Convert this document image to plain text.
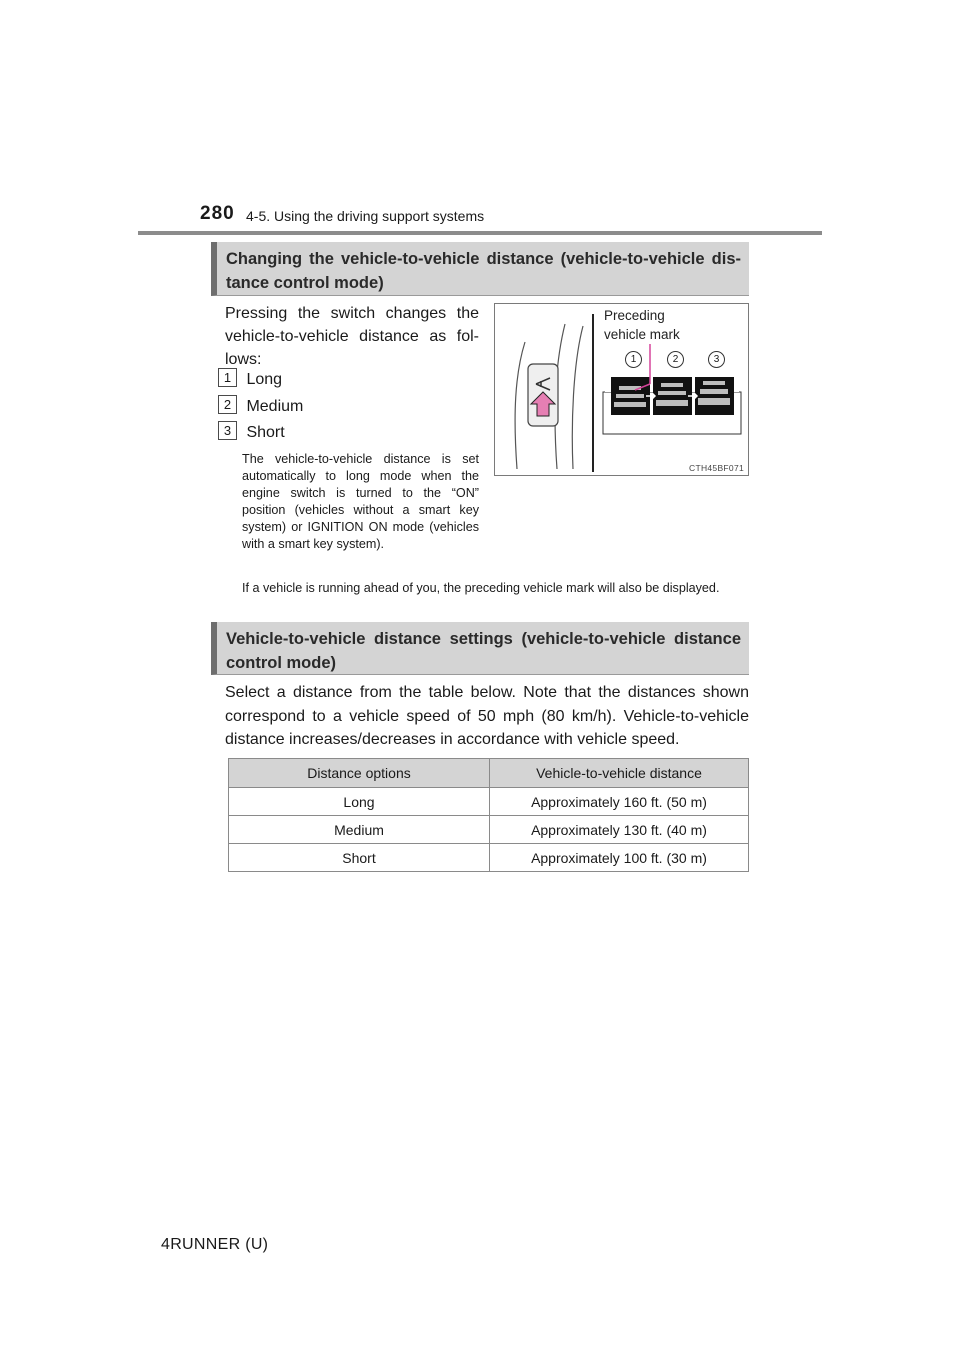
280 4-5. Using the driving support systems
Changing the vehicle-to-vehicle distance (vehicle-to-vehicle dis-tance control mode)
Pressing the switch changes the vehicle-to-vehicle distance as fol-lows:
1 Long
2 Medium
3 Short
The vehicle-to-vehicle distance is set automatically to long mode when the engine switch is turned to the “ON” position (vehicles without a smart key system) or IGNITION ON mode (vehicles with a smart key system).
If a vehicle is running ahead of you, the preceding vehicle mark will also be displayed.
Preceding
vehicle mark
1	2	3
CTH45BF071
Vehicle-to-vehicle distance settings (vehicle-to-vehicle distance control mode)
Select a distance from the table below. Note that the distances shown correspond to a vehicle speed of 50 mph (80 km/h). Vehicle-to-vehicle distance increases/decreases in accordance with vehicle speed.
Distance options	Vehicle-to-vehicle distance
Long	Approximately 160 ft. (50 m)
Medium	Approximately 130 ft. (40 m)
Short	Approximately 100 ft. (30 m)
4RUNNER (U)
